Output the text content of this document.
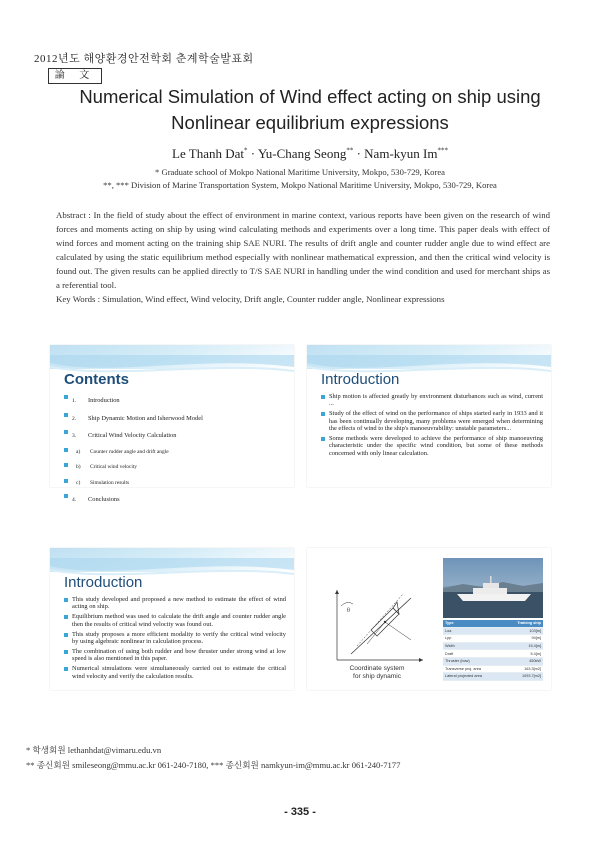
2012년도 해양환경안전학회 춘계학술발표회
論 文
Numerical Simulation of Wind effect acting on ship using
Nonlinear equilibrium expressions
Le Thanh Dat* · Yu-Chang Seong** · Nam-kyun Im***
* Graduate school of Mokpo National Maritime University, Mokpo, 530-729, Korea
**, *** Division of Marine Transportation System, Mokpo National Maritime University, Mokpo, 530-729, Korea
Abstract : In the field of study about the effect of environment in marine context, various reports have been given on the research of wind forces and moments acting on ship by using wind calculating methods and experiments over a long time. This paper deals with effect of wind forces and moment acting on the training ship SAE NURI. The results of drift angle and counter rudder angle due to wind effect are calculated by using the static equilibrium method especially with nonlinear mathematical expression, and then the critical wind velocity is found out. The given results can be applied directly to T/S SAE NURI in handling under the wind condition and used for merchant ships as a referential tool.
Key Words : Simulation, Wind effect, Wind velocity, Drift angle, Counter rudder angle, Nonlinear expressions
Contents
1. Introduction
2. Ship Dynamic Motion and Isherwood Model
3. Critical Wind Velocity Calculation
a) Counter rudder angle and drift angle
b) Critical wind velocity
c) Simulation results
4. Conclusions
Introduction
Ship motion is affected greatly by environment disturbances such as wind, current ...
Study of the effect of wind on the performance of ships started early in 1933 and it has been continually developing, many problems were emerged when determining the effects of wind to the ship's manoeuvrability: unstable parameters...
Some methods were developed to achieve the performance of ship manoeuvring characteristic under the specific wind condition, but some of these methods concerned with only linear calculation.
Introduction
This study developed and proposed a new method to estimate the effect of wind acting on ship.
Equilibrium method was used to calculate the drift angle and counter rudder angle then the results of critical wind velocity was found out.
This study proposes a more efficient modality to verify the critical wind velocity by using algebraic nonlinear in calculation process.
The combination of using both rudder and bow thruster under strong wind at low speed is also mentioned in this paper.
Numerical simulations were simultaneously carried out to estimate the critical wind velocity and verify the calculation results.
θ
Coordinate system
for ship dynamic
Type	Training ship
Loa	103[m]
Lpp	94[m]
Width	15.4[m]
Draft	5.4[m]
Thruster (bow)	450kW
Transverse proj. area	163.3[m2]
Lateral projected area	1093.7[m2]
* 학생회원 lethanhdat@vimaru.edu.vn
** 종신회원 smileseong@mmu.ac.kr 061-240-7180, *** 종신회원 namkyun-im@mmu.ac.kr 061-240-7177
- 335 -
